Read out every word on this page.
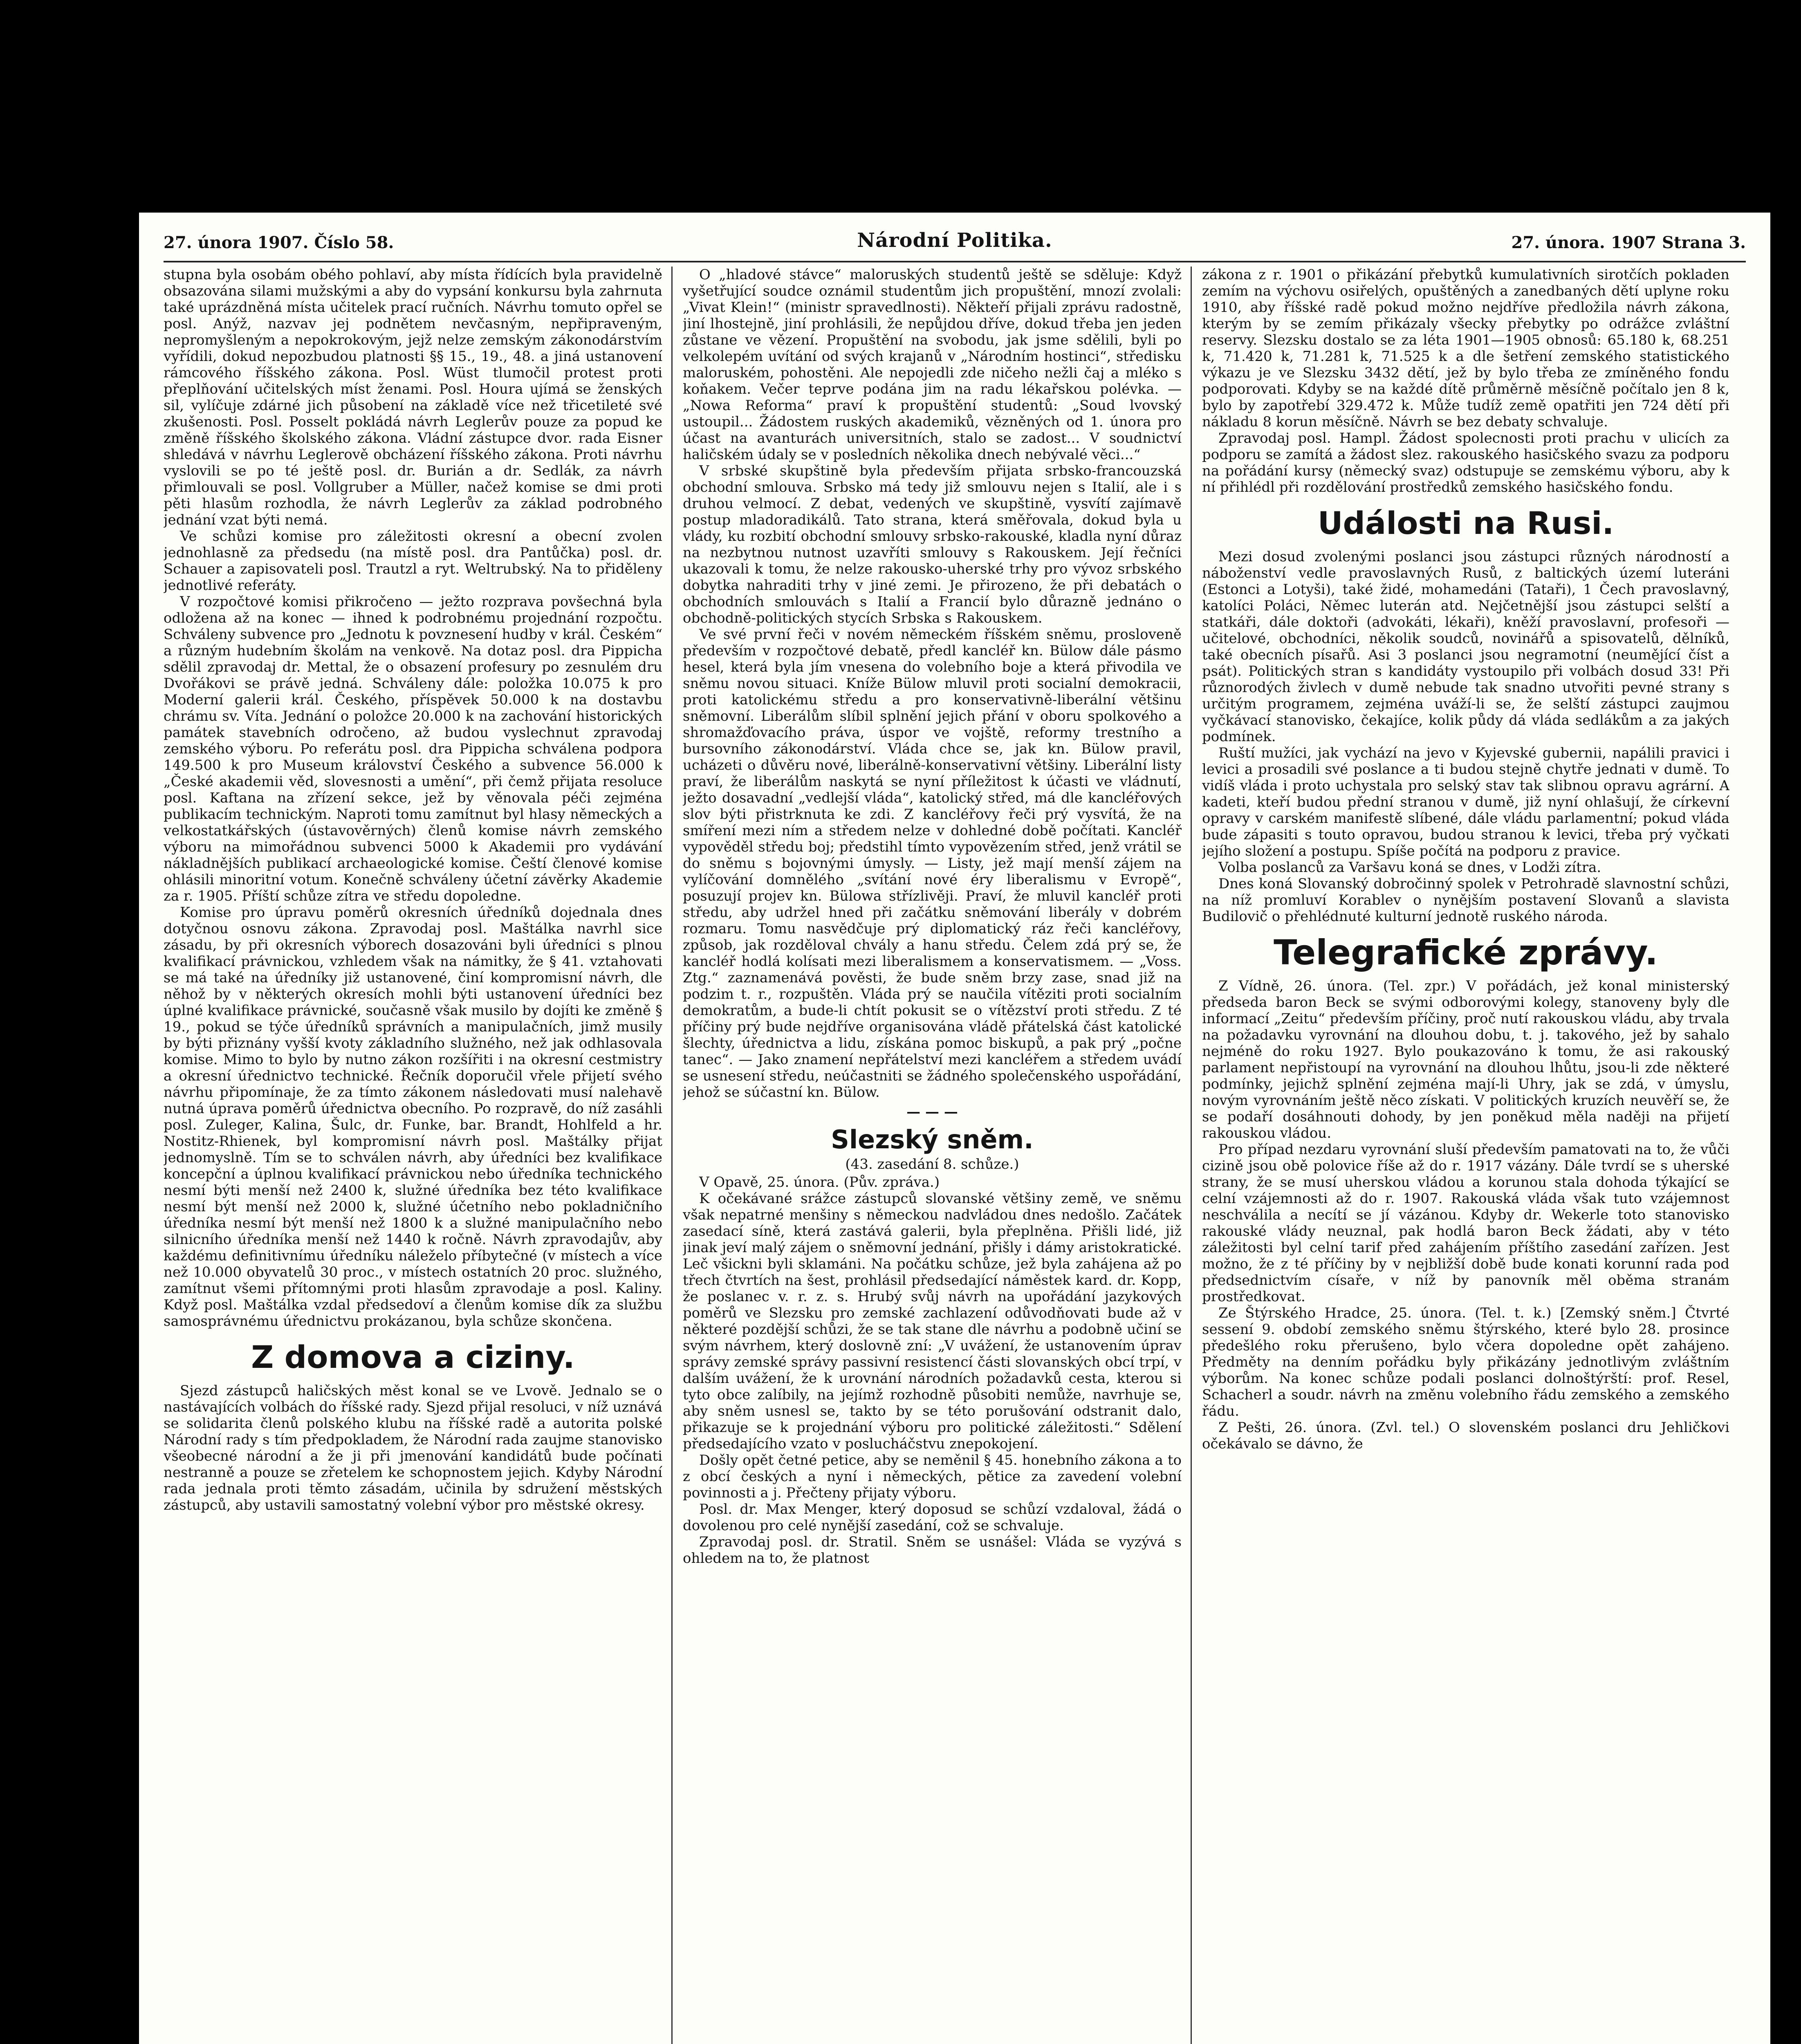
27. února 1907. Číslo 58.	Národní Politika.	27. února. 1907 Strana 3.

stupna byla osobám obého pohlaví, aby místa řídících byla pravidelně obsazována silami mužskými a aby do vypsání konkursu byla zahrnuta také uprázdněná místa učitelek prací ručních. Návrhu tomuto opřel se posl. Anýž, nazvav jej podnětem nevčasným, nepřipraveným, nepromyšleným a nepokrokovým, jejž nelze zemským zákonodárstvím vyřídili, dokud nepozbudou platnosti §§ 15., 19., 48. a jiná ustanovení rámcového říšského zákona. Posl. Wüst tlumočil protest proti přeplňování učitelských míst ženami. Posl. Houra ujímá se ženských sil, vylíčuje zdárné jich působení na základě více než třicetileté své zkušenosti. Posl. Posselt pokládá návrh Leglerův pouze za popud ke změně říšského školského zákona. Vládní zástupce dvor. rada Eisner shledává v návrhu Leglerově obcházení říšského zákona. Proti návrhu vyslovili se po té ještě posl. dr. Burián a dr. Sedlák, za návrh přimlouvali se posl. Vollgruber a Müller, načež komise se dmi proti pěti hlasům rozhodla, že návrh Leglerův za základ podrobného jednání vzat býti nemá.

Ve schůzi komise pro záležitosti okresní a obecní zvolen jednohlasně za předsedu (na místě posl. dra Pantůčka) posl. dr. Schauer a zapisovateli posl. Trautzl a ryt. Weltrubský. Na to přiděleny jednotlivé referáty.

V rozpočtové komisi přikročeno — ježto rozprava povšechná byla odložena až na konec — ihned k podrobnému projednání rozpočtu. Schváleny subvence pro „Jednotu k povznesení hudby v král. Českém“ a různým hudebním školám na venkově. Na dotaz posl. dra Pippicha sdělil zpravodaj dr. Mettal, že o obsazení profesury po zesnulém dru Dvořákovi se právě jedná. Schváleny dále: položka 10.075 k pro Moderní galerii král. Českého, příspěvek 50.000 k na dostavbu chrámu sv. Víta. Jednání o položce 20.000 k na zachování historických památek stavebních odročeno, až budou vyslechnut zpravodaj zemského výboru. Po referátu posl. dra Pippicha schválena podpora 149.500 k pro Museum království Českého a subvence 56.000 k „České akademii věd, slovesnosti a umění“, při čemž přijata resoluce posl. Kaftana na zřízení sekce, jež by věnovala péči zejména publikacím technickým. Naproti tomu zamítnut byl hlasy německých a velkostatkářských (ústavověrných) členů komise návrh zemského výboru na mimořádnou subvenci 5000 k Akademii pro vydávání nákladnějších publikací archaeologické komise. Čeští členové komise ohlásili minoritní votum. Konečně schváleny účetní závěrky Akademie za r. 1905. Příští schůze zítra ve středu dopoledne.

Komise pro úpravu poměrů okresních úředníků dojednala dnes dotyčnou osnovu zákona. Zpravodaj posl. Maštálka navrhl sice zásadu, by při okresních výborech dosazováni byli úředníci s plnou kvalifikací právnickou, vzhledem však na námitky, že § 41. vztahovati se má také na úředníky již ustanovené, činí kompromisní návrh, dle něhož by v některých okresích mohli býti ustanovení úředníci bez úplné kvalifikace právnické, současně však musilo by dojíti ke změně § 19., pokud se týče úředníků správních a manipulačních, jimž musily by býti přiznány vyšší kvoty základního služného, než jak odhlasovala komise. Mimo to bylo by nutno zákon rozšířiti i na okresní cestmistry a okresní úřednictvo technické. Řečník doporučil vřele přijetí svého návrhu připomínaje, že za tímto zákonem následovati musí nalehavě nutná úprava poměrů úřednictva obecního. Po rozpravě, do níž zasáhli posl. Zuleger, Kalina, Šulc, dr. Funke, bar. Brandt, Hohlfeld a hr. Nostitz-Rhienek, byl kompromisní návrh posl. Maštálky přijat jednomyslně. Tím se to schválen návrh, aby úředníci bez kvalifikace koncepční a úplnou kvalifikací právnickou nebo úředníka technického nesmí býti menší než 2400 k, služné úředníka bez této kvalifikace nesmí být menší než 2000 k, služné účetního nebo pokladničního úředníka nesmí být menší než 1800 k a služné manipulačního nebo silnicního úředníka menší než 1440 k ročně. Návrh zpravodajův, aby každému definitivnímu úředníku náleželo příbytečné (v místech a více než 10.000 obyvatelů 30 proc., v místech ostatních 20 proc. služného, zamítnut všemi přítomnými proti hlasům zpravodaje a posl. Kaliny. Když posl. Maštálka vzdal předsedoví a členům komise dík za službu samosprávnému úřednictvu prokázanou, byla schůze skončena.

Z domova a ciziny.

Sjezd zástupců haličských měst konal se ve Lvově. Jednalo se o nastávajících volbách do říšské rady. Sjezd přijal resoluci, v níž uznává se solidarita členů polského klubu na říšské radě a autorita polské Národní rady s tím předpokladem, že Národní rada zaujme stanovisko všeobecné národní a že ji při jmenování kandidátů bude počínati nestranně a pouze se zřetelem ke schopnostem jejich. Kdyby Národní rada jednala proti těmto zásadám, učinila by sdružení městských zástupců, aby ustavili samostatný volební výbor pro městské okresy.

O „hladové stávce“ maloruských studentů ještě se sděluje: Když vyšetřující soudce oznámil studentům jich propuštění, mnozí zvolali: „Vivat Klein!“ (ministr spravedlnosti). Někteří přijali zprávu radostně, jiní lhostejně, jiní prohlásili, že nepůjdou dříve, dokud třeba jen jeden zůstane ve vězení. Propuštění na svobodu, jak jsme sdělili, byli po velkolepém uvítání od svých krajanů v „Národním hostinci“, středisku maloruském, pohostěni. Ale nepojedli zde ničeho nežli čaj a mléko s koňakem. Večer teprve podána jim na radu lékařskou polévka. — „Nowa Reforma“ praví k propuštění studentů: „Soud lvovský ustoupil... Žádostem ruských akademiků, vězněných od 1. února pro účast na avanturách universitních, stalo se zadost... V soudnictví haličském údaly se v posledních několika dnech nebývalé věci...“

V srbské skupštině byla především přijata srbsko-francouzská obchodní smlouva. Srbsko má tedy již smlouvu nejen s Italií, ale i s druhou velmocí. Z debat, vedených ve skupštině, vysvítí zajímavě postup mladoradikálů. Tato strana, která směřovala, dokud byla u vlády, ku rozbití obchodní smlouvy srbsko-rakouské, kladla nyní důraz na nezbytnou nutnost uzavříti smlouvy s Rakouskem. Její řečníci ukazovali k tomu, že nelze rakousko-uherské trhy pro vývoz srbského dobytka nahraditi trhy v jiné zemi. Je přirozeno, že při debatách o obchodních smlouvách s Italií a Francií bylo důrazně jednáno o obchodně-politických stycích Srbska s Rakouskem.

Ve své první řeči v novém německém říšském sněmu, prosloveně především v rozpočtové debatě, předl kancléř kn. Bülow dále pásmo hesel, která byla jím vnesena do volebního boje a která přivodila ve sněmu novou situaci. Kníže Bülow mluvil proti socialní demokracii, proti katolickému středu a pro konservativně-liberální většinu sněmovní. Liberálům slíbil splnění jejich přání v oboru spolkového a shromažďovacího práva, úspor ve vojště, reformy trestního a bursovního zákonodárství. Vláda chce se, jak kn. Bülow pravil, ucházeti o důvěru nové, liberálně-konservativní většiny. Liberální listy praví, že liberálům naskytá se nyní příležitost k účasti ve vládnutí, ježto dosavadní „vedlejší vláda“, katolický střed, má dle kancléřových slov býti přistrknuta ke zdi. Z kancléřovy řeči prý vysvítá, že na smíření mezi ním a středem nelze v dohledné době počítati. Kancléř vypověděl středu boj; předstihl tímto vypovězením střed, jenž vrátil se do sněmu s bojovnými úmysly. — Listy, jež mají menší zájem na vylíčování domnělého „svítání nové éry liberalismu v Evropě“, posuzují projev kn. Bülowa střízlivěji. Praví, že mluvil kancléř proti středu, aby udržel hned při začátku sněmování liberály v dobrém rozmaru. Tomu nasvědčuje prý diplomatický ráz řeči kancléřovy, způsob, jak rozděloval chvály a hanu středu. Čelem zdá prý se, že kancléř hodlá kolísati mezi liberalismem a konservatismem. — „Voss. Ztg.“ zaznamenává pověsti, že bude sněm brzy zase, snad již na podzim t. r., rozpuštěn. Vláda prý se naučila vítěziti proti socialním demokratům, a bude-li chtít pokusit se o vítězství proti středu. Z té příčiny prý bude nejdříve organisována vládě přátelská část katolické šlechty, úřednictva a lidu, získána pomoc biskupů, a pak prý „počne tanec“. — Jako znamení nepřátelství mezi kancléřem a středem uvádí se usnesení středu, neúčastniti se žádného společenského uspořádání, jehož se súčastní kn. Bülow.

— — —
Slezský sněm.
(43. zasedání 8. schůze.)

V Opavě, 25. února. (Pův. zpráva.)

K očekávané srážce zástupců slovanské většiny země, ve sněmu však nepatrné menšiny s německou nadvládou dnes nedošlo. Začátek zasedací síně, která zastává galerii, byla přeplněna. Přišli lidé, již jinak jeví malý zájem o sněmovní jednání, přišly i dámy aristokratické. Leč všickni byli sklamáni. Na počátku schůze, jež byla zahájena až po třech čtvrtích na šest, prohlásil předsedající náměstek kard. dr. Kopp, že poslanec v. r. z. s. Hrubý svůj návrh na upořádání jazykových poměrů ve Slezsku pro zemské zachlazení odůvodňovati bude až v některé pozdější schůzi, že se tak stane dle návrhu a podobně učiní se svým návrhem, který doslovně zní: „V uvážení, že ustanovením úprav správy zemské správy passivní resistencí části slovanských obcí trpí, v dalším uvážení, že k urovnání národních požadavků cesta, kterou si tyto obce zalíbily, na jejímž rozhodně působiti nemůže, navrhuje se, aby sněm usnesl se, takto by se této porušování odstranit dalo, přikazuje se k projednání výboru pro politické záležitosti.“ Sdělení předsedajícího vzato v poslucháčstvu znepokojení.

Došly opět četné petice, aby se neměnil § 45. honebního zákona a to z obcí českých a nyní i německých, pětice za zavedení volební povinnosti a j. Přečteny přijaty výboru.

Posl. dr. Max Menger, který doposud se schůzí vzdaloval, žádá o dovolenou pro celé nynější zasedání, což se schvaluje.

Zpravodaj posl. dr. Stratil. Sněm se usnášel: Vláda se vyzývá s ohledem na to, že platnost

zákona z r. 1901 o přikázání přebytků kumulativních sirotčích pokladen zemím na výchovu osiřelých, opuštěných a zanedbaných dětí uplyne roku 1910, aby říšské radě pokud možno nejdříve předložila návrh zákona, kterým by se zemím přikázaly všecky přebytky po odrážce zvláštní reservy. Slezsku dostalo se za léta 1901—1905 obnosů: 65.180 k, 68.251 k, 71.420 k, 71.281 k, 71.525 k a dle šetření zemského statistického výkazu je ve Slezsku 3432 dětí, jež by bylo třeba ze zmíněného fondu podporovati. Kdyby se na každé dítě průměrně měsíčně počítalo jen 8 k, bylo by zapotřebí 329.472 k. Může tudíž země opatřiti jen 724 dětí při nákladu 8 korun měsíčně. Návrh se bez debaty schvaluje.

Zpravodaj posl. Hampl. Žádost spolecnosti proti prachu v ulicích za podporu se zamítá a žádost slez. rakouského hasičského svazu za podporu na pořádání kursy (německý svaz) odstupuje se zemskému výboru, aby k ní přihlédl při rozdělování prostředků zemského hasičského fondu.

Události na Rusi.

Mezi dosud zvolenými poslanci jsou zástupci různých národností a náboženství vedle pravoslavných Rusů, z baltických území luteráni (Estonci a Lotyši), také židé, mohamedáni (Tataři), 1 Čech pravoslavný, katolíci Poláci, Němec luterán atd. Nejčetnější jsou zástupci selští a statkáři, dále doktoři (advokáti, lékaři), kněží pravoslavní, profesoři — učitelové, obchodníci, několik soudců, novinářů a spisovatelů, dělníků, také obecních písařů. Asi 3 poslanci jsou negramotní (neumějící číst a psát). Politických stran s kandidáty vystoupilo při volbách dosud 33! Při různorodých živlech v dumě nebude tak snadno utvořiti pevné strany s určitým programem, zejména uváží-li se, že selští zástupci zaujmou vyčkávací stanovisko, čekajíce, kolik půdy dá vláda sedlákům a za jakých podmínek.

Ruští mužíci, jak vychází na jevo v Kyjevské gubernii, napálili pravici i levici a prosadili své poslance a ti budou stejně chytře jednati v dumě. To vidíš vláda i proto uchystala pro selský stav tak slibnou opravu agrární. A kadeti, kteří budou přední stranou v dumě, již nyní ohlašují, že církevní opravy v carském manifestě slíbené, dále vládu parlamentní; pokud vláda bude zápasiti s touto opravou, budou stranou k levici, třeba prý vyčkati jejího složení a postupu. Spíše počítá na podporu z pravice.

Volba poslanců za Varšavu koná se dnes, v Lodži zítra.

Dnes koná Slovanský dobročinný spolek v Petrohradě slavnostní schůzi, na níž promluví Korablev o nynějším postavení Slovanů a slavista Budilovič o přehlédnuté kulturní jednotě ruského národa.

Telegrafické zprávy.

Z Vídně, 26. února. (Tel. zpr.) V pořádách, jež konal ministerský předseda baron Beck se svými odborovými kolegy, stanoveny byly dle informací „Zeitu“ především příčiny, proč nutí rakouskou vládu, aby trvala na požadavku vyrovnání na dlouhou dobu, t. j. takového, jež by sahalo nejméně do roku 1927. Bylo poukazováno k tomu, že asi rakouský parlament nepřistoupí na vyrovnání na dlouhou lhůtu, jsou-li zde některé podmínky, jejichž splnění zejména mají-li Uhry, jak se zdá, v úmyslu, novým vyrovnáním ještě něco získati. V politických kruzích neuvěří se, že se podaří dosáhnouti dohody, by jen poněkud měla naději na přijetí rakouskou vládou.

Pro případ nezdaru vyrovnání sluší především pamatovati na to, že vůči cizině jsou obě polovice říše až do r. 1917 vázány. Dále tvrdí se s uherské strany, že se musí uherskou vládou a korunou stala dohoda týkající se celní vzájemnosti až do r. 1907. Rakouská vláda však tuto vzájemnost neschválila a necítí se jí vázánou. Kdyby dr. Wekerle toto stanovisko rakouské vlády neuznal, pak hodlá baron Beck žádati, aby v této záležitosti byl celní tarif před zahájením příštího zasedání zařízen. Jest možno, že z té příčiny by v nejbližší době bude konati korunní rada pod předsednictvím císaře, v níž by panovník měl oběma stranám prostředkovat.

Ze Štýrského Hradce, 25. února. (Tel. t. k.) [Zemský sněm.] Čtvrté sessení 9. období zemského sněmu štýrského, které bylo 28. prosince předešlého roku přerušeno, bylo včera dopoledne opět zahájeno. Předměty na denním pořádku byly přikázány jednotlivým zvláštním výborům. Na konec schůze podali poslanci dolnoštýrští: prof. Resel, Schacherl a soudr. návrh na změnu volebního řádu zemského a zemského řádu.

Z Pešti, 26. února. (Zvl. tel.) O slovenském poslanci dru Jehličkovi očekávalo se dávno, že
